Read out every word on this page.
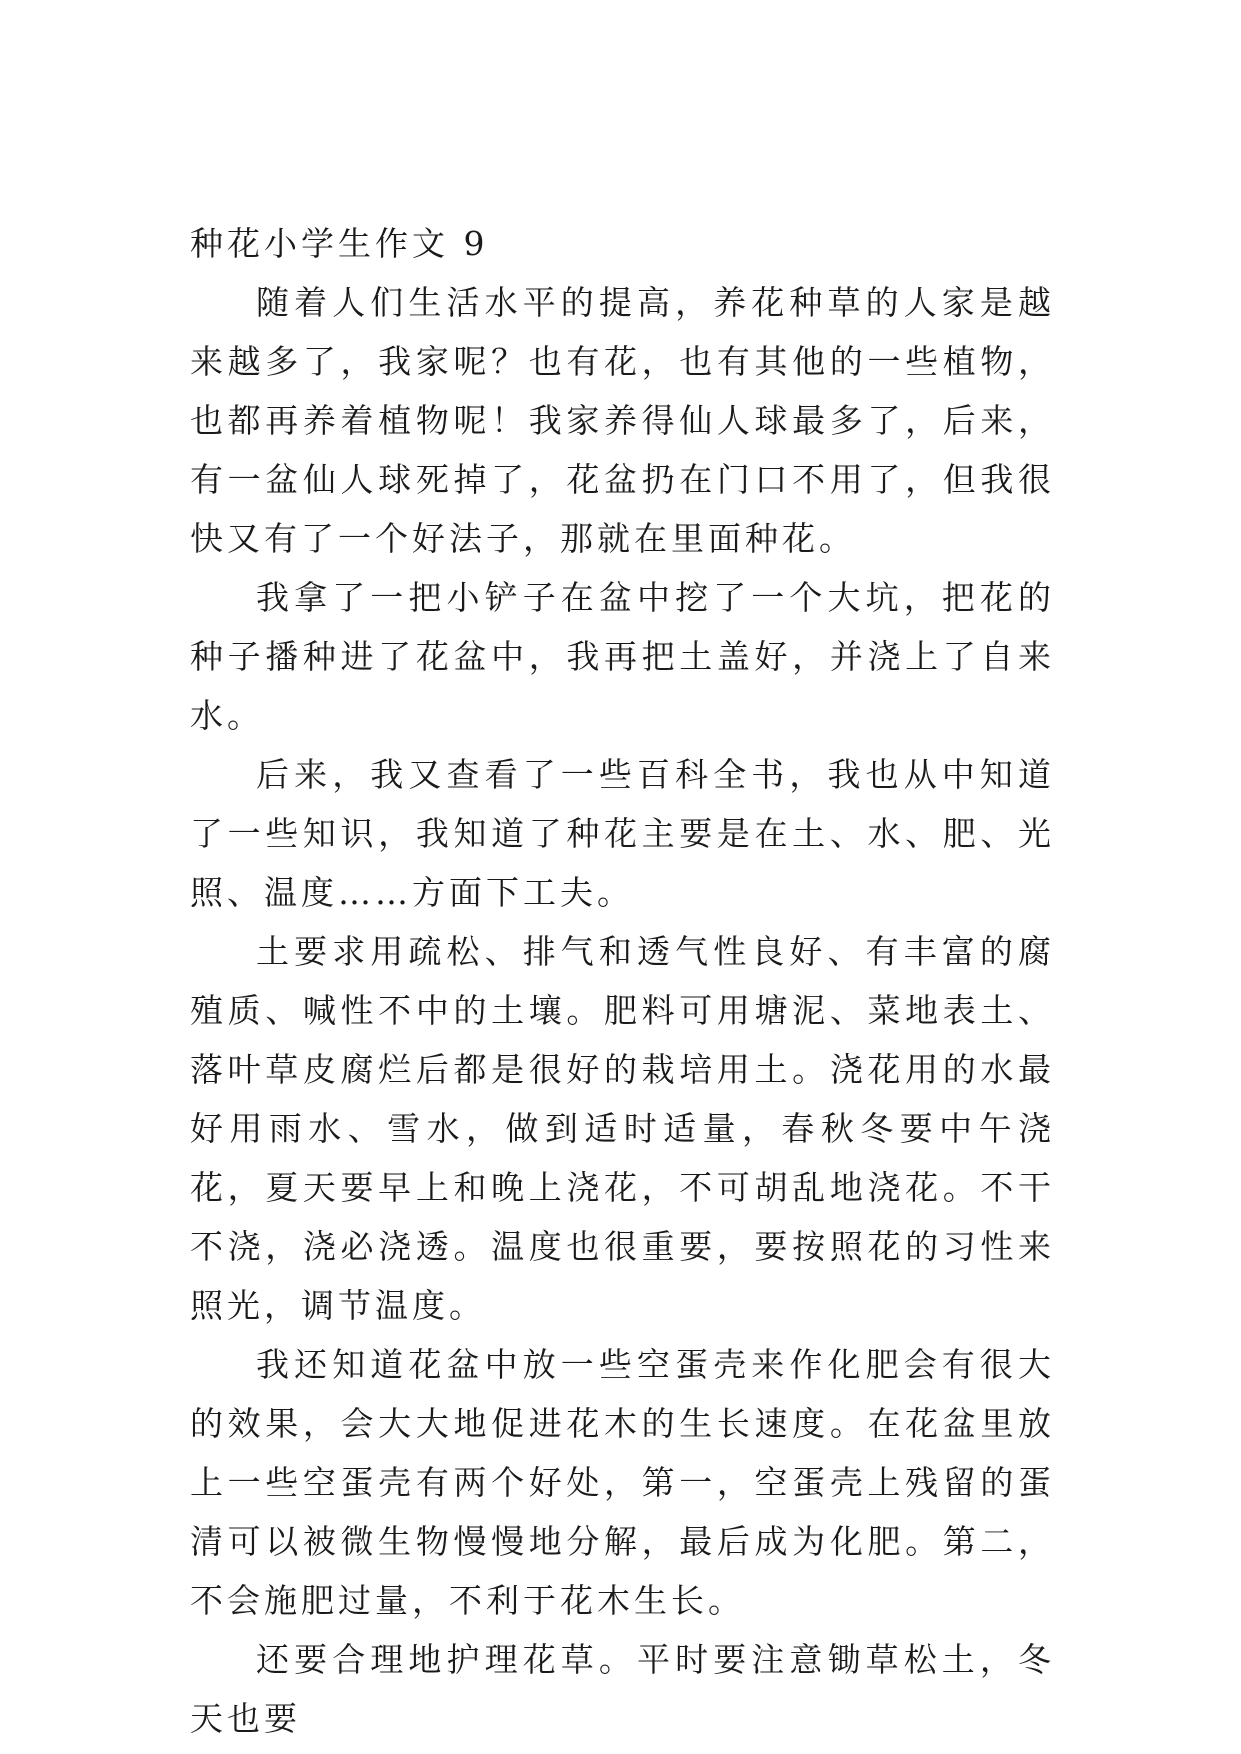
种花小学生作文 9

随着人们生活水平的提高，养花种草的人家是越来越多了，我家呢？也有花，也有其他的一些植物，也都再养着植物呢！我家养得仙人球最多了，后来，有一盆仙人球死掉了，花盆扔在门口不用了，但我很快又有了一个好法子，那就在里面种花。

我拿了一把小铲子在盆中挖了一个大坑，把花的 种子播种进了花盆中，我再把土盖好，并浇上了自来水。

后来，我又查看了一些百科全书，我也从中知道了一些知识，我知道了种花主要是在土、水、肥、光照、温度……方面下工夫。

土要求用疏松、排气和透气性良好、有丰富的腐殖质、喊性不中的土壤。肥料可用塘泥、菜地表土、落叶草皮腐烂后都是很好的栽培用土。浇花用的水最好用雨水、雪水，做到适时适量，春秋冬要中午浇花，夏天要早上和晚上浇花，不可胡乱地浇花。不干不浇，浇必浇透。温度也很重要，要按照花的习性来照光，调节温度。

我还知道花盆中放一些空蛋壳来作化肥会有很大的效果，会大大地促进花木的生长速度。在花盆里放上一些空蛋壳有两个好处，第一，空蛋壳上残留的蛋清可以被微生物慢慢地分解，最后成为化肥。第二，不会施肥过量，不利于花木生长。

还要合理地护理花草。平时要注意锄草松土，冬天也要
